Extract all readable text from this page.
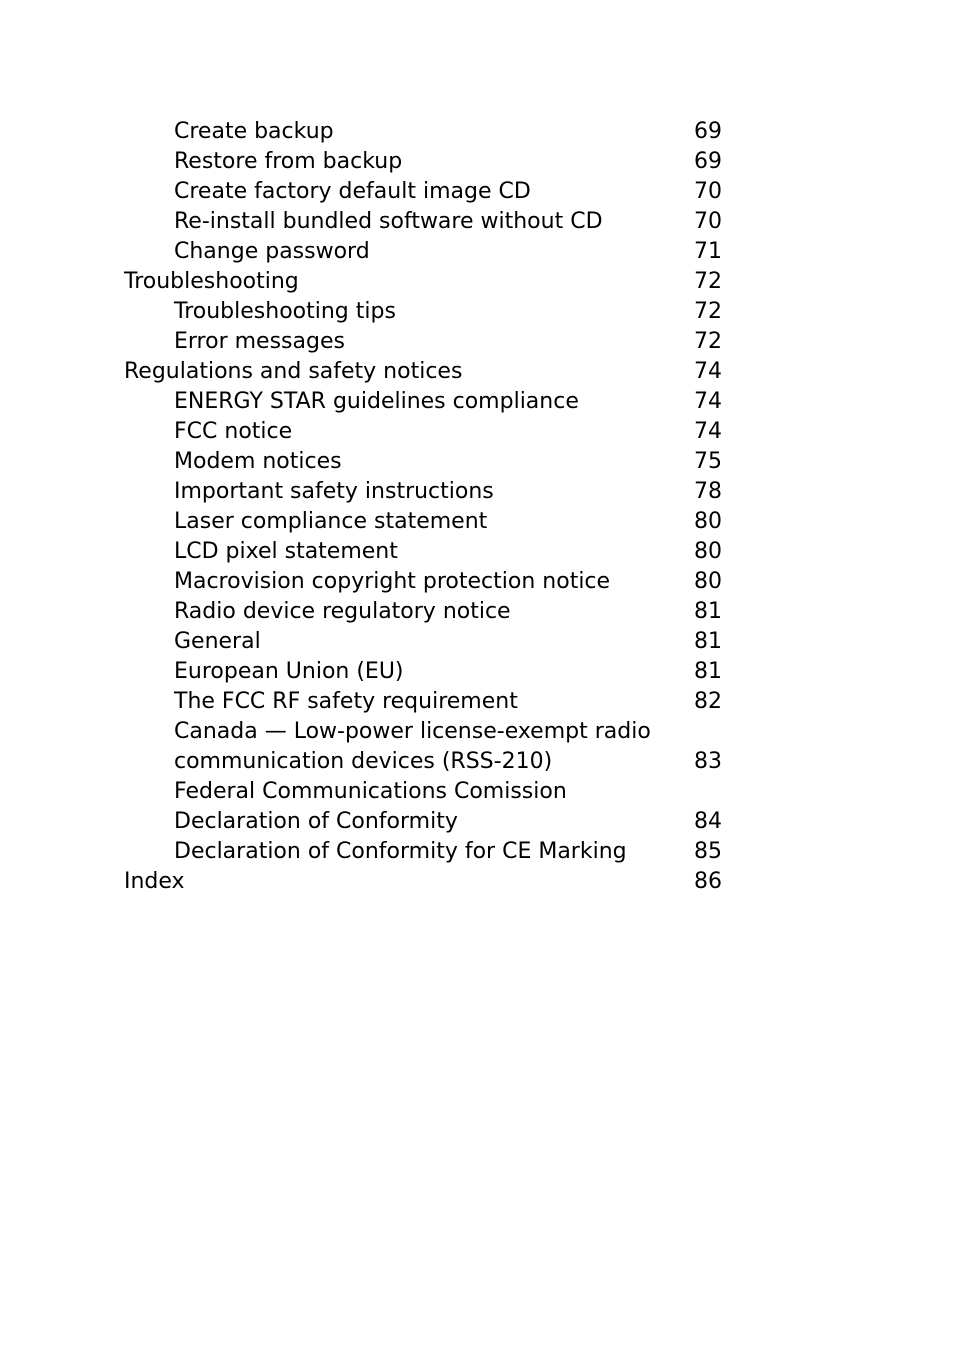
Create backup	69
Restore from backup	69
Create factory default image CD	70
Re-install bundled software without CD	70
Change password	71
Troubleshooting	72
Troubleshooting tips	72
Error messages	72
Regulations and safety notices	74
ENERGY STAR guidelines compliance	74
FCC notice	74
Modem notices	75
Important safety instructions	78
Laser compliance statement	80
LCD pixel statement	80
Macrovision copyright protection notice	80
Radio device regulatory notice	81
General	81
European Union (EU)	81
The FCC RF safety requirement	82
Canada — Low-power license-exempt radio
communication devices (RSS-210)	83
Federal Communications Comission
Declaration of Conformity	84
Declaration of Conformity for CE Marking	85
Index	86
